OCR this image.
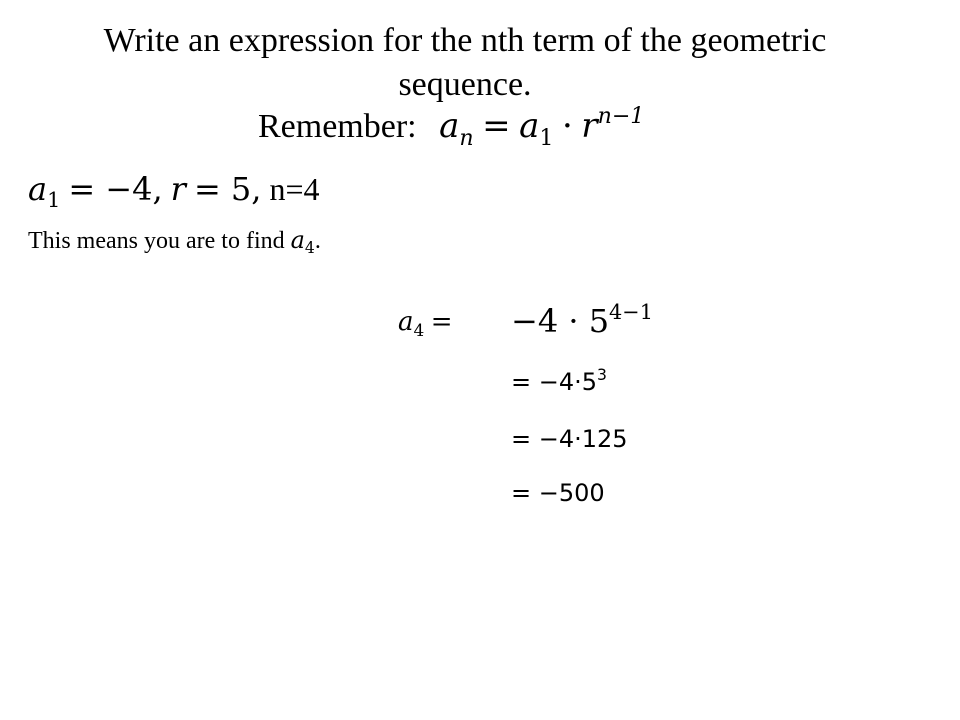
Write an expression for the nth term of the geometric
sequence.
Remember: $a_n = a_1 \cdot r^{n-1}$
$a_1 = -4$, r = 5, n=4
This means you are to find $a_4$.
$a_4 = -4 \cdot 5^{4-1}$
= $-4\cdot 5^3$
= −4·125
= −500
